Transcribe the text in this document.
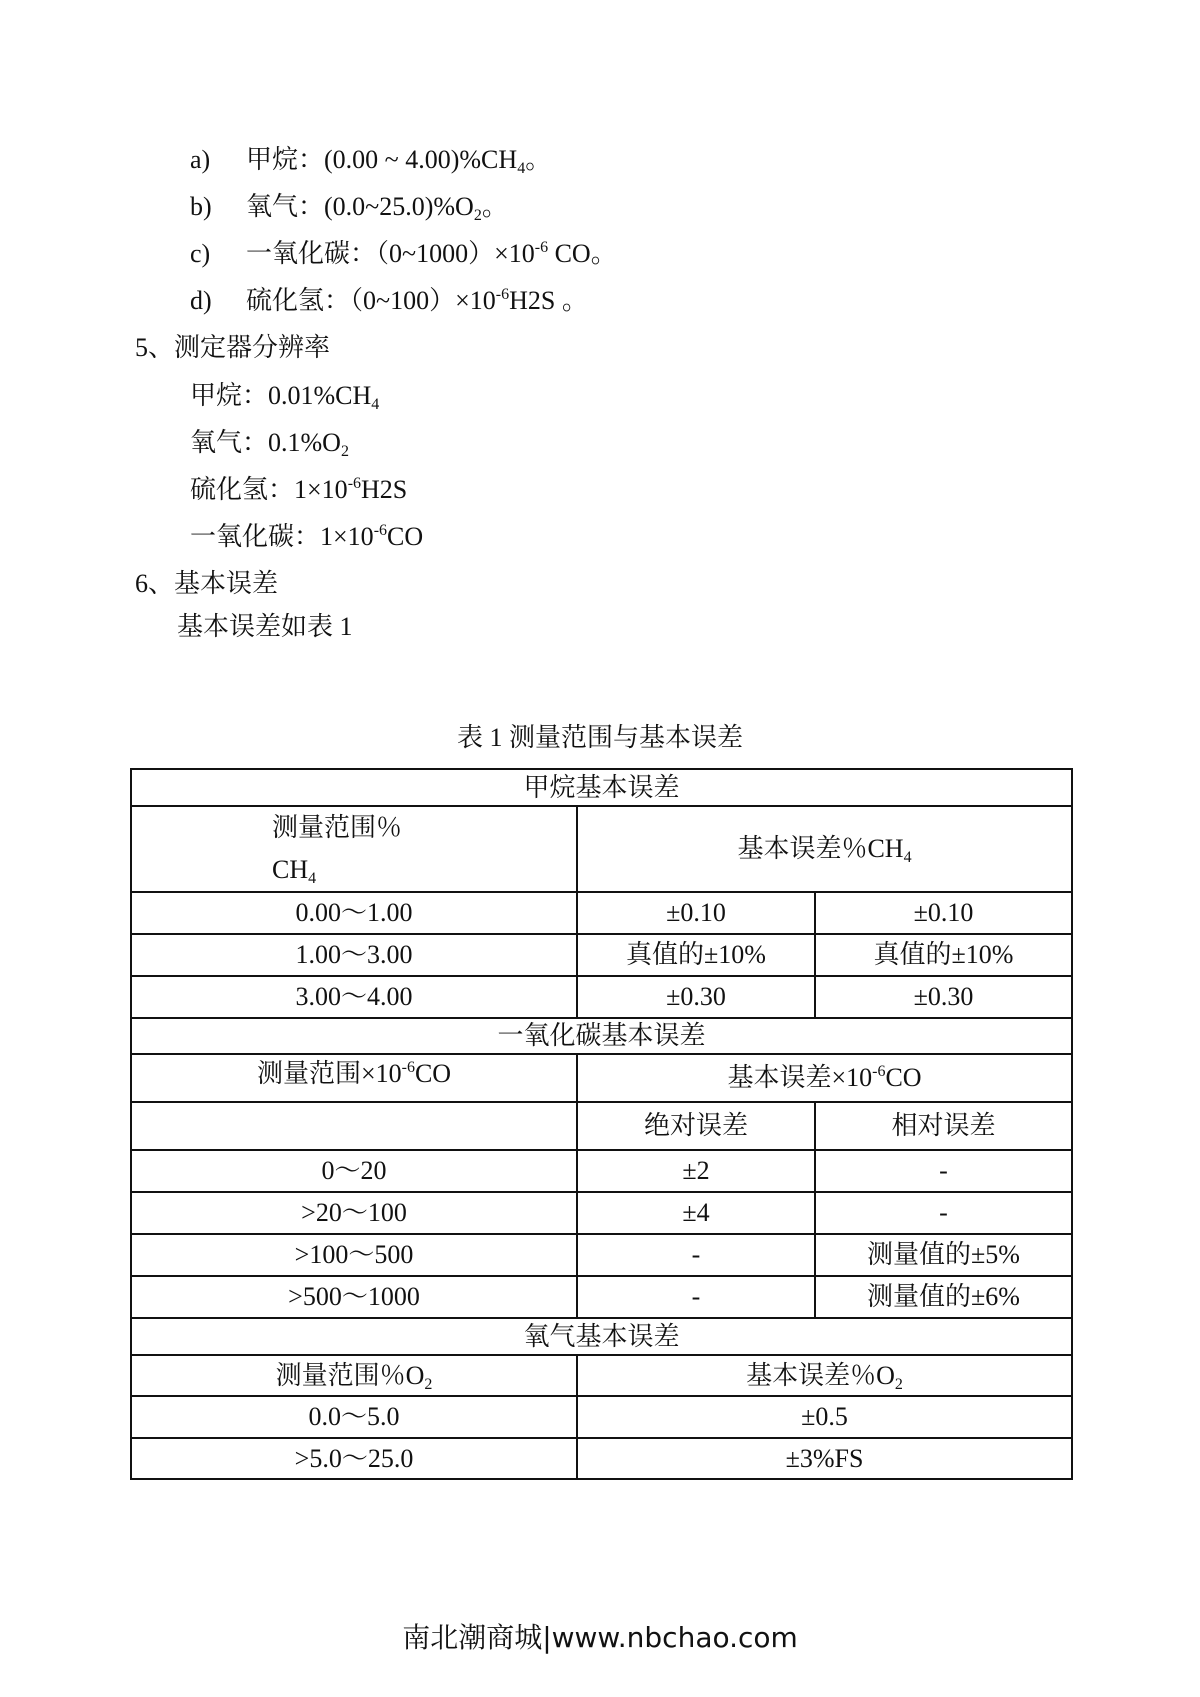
a) 甲烷：(0.00 ~ $4.00)\%CH_4$。
b) 氧气：$(0.0\sim 25.0)\%O_2$。
c) 一氧化碳：$(0\sim 1000)\times 10^{-6}$ CO。
d) 硫化氢：$(0\sim 100)\times 10^{-6}H2S$ 。
5、测定器分辨率
甲烷：$0.01\%CH_4$
氧气：$0.1\%O_2$
硫化氢：$1\times 10^{-6}H2S$
一氧化碳：$1\times 10^{-6}CO$
6、基本误差
基本误差如表 1
表 1 测量范围与基本误差
甲烷基本误差		
测量范围％
$CH_4$	基本误差％$CH_4$
0.00～1.00	±0.10	±0.10
1.00～3.00	真值的±10%	真值的±10%
3.00～4.00	±0.30	±0.30
一氧化碳基本误差		
测量范围$\times 10^{-6}CO$	基本误差$\times 10^{-6}CO$	
	绝对误差	相对误差
0～20	±2	-
>20～100	±4	-
>100～500	-	测量值的±5%
>500～1000	-	测量值的±6%
氧气基本误差		
测量范围％$O_2$	基本误差％$O_2$
0.0～5.0	±0.5	
>5.0～25.0	±3%FS	
南北潮商城|www.nbchao.com
